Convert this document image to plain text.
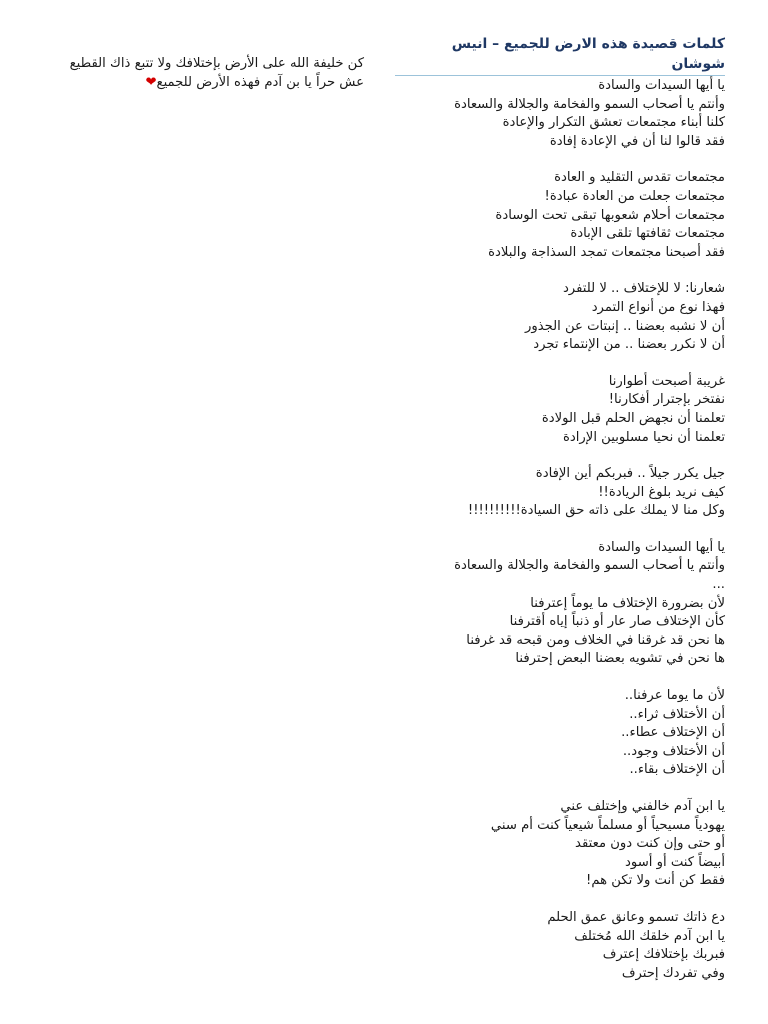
كلمات قصيدة هذه الارض للجميع – انيس شوشان
يا أيها السيدات والسادة
وأنتم يا أصحاب السمو والفخامة والجلالة والسعادة
كلنا أبناء مجتمعات تعشق التكرار والإعادة
فقد قالوا لنا أن في الإعادة إفادة
مجتمعات تقدس التقليد و العادة
مجتمعات جعلت من العادة عبادة!
مجتمعات أحلام شعوبها تبقى تحت الوسادة
مجتمعات ثقافتها تلقى الإبادة
فقد أصبحنا مجتمعات تمجد السذاجة والبلادة
شعارنا: لا للإختلاف .. لا للتفرد
فهذا نوع من أنواع التمرد
أن لا نشبه بعضنا .. إنبتات عن الجذور
أن لا نكرر بعضنا .. من الإنتماء تجرد
غريبة أصبحت أطوارنا
نفتخر بإجترار أفكارنا!
تعلمنا أن نجهض الحلم قبل الولادة
تعلمنا أن نحيا مسلوبين الإرادة
جيل يكرر جيلاً .. فبربكم أين الإفادة
كيف نريد بلوغ الريادة!!
وكل منا لا يملك على ذاته حق السيادة!!!!!!!!!!
يا أيها السيدات والسادة
وأنتم يا أصحاب السمو والفخامة والجلالة والسعادة
...
لأن بضرورة الإختلاف ما يوماً إعترفنا
كأن الإختلاف صار عار أو ذنباً إياه أقترفنا
ها نحن قد غرقنا في الخلاف ومن قبحه قد غرفنا
ها نحن في تشويه بعضنا البعض إحترفنا
لأن ما يوما عرفنا..
أن الأختلاف ثراء..
أن الإختلاف عطاء..
أن الأختلاف وجود..
أن الإختلاف بقاء..
يا ابن آدم خالفني وإختلف عني
يهودياً مسيحياً أو مسلماً شيعياً كنت أم سني
أو حتى وإن كنت دون معتقد
أبيضاً كنت أو أسود
فقط كن أنت ولا تكن هم!
دع ذاتك تسمو وعانق عمق الحلم
يا ابن آدم خلقك الله مُختلف
فبربك بإختلافك إعترف
وفي تفردك إحترف
كن خليفة الله على الأرض بإختلافك ولا تتبع ذاك القطيع
عش حراً يا بن آدم فهذه الأرض للجميع❤
